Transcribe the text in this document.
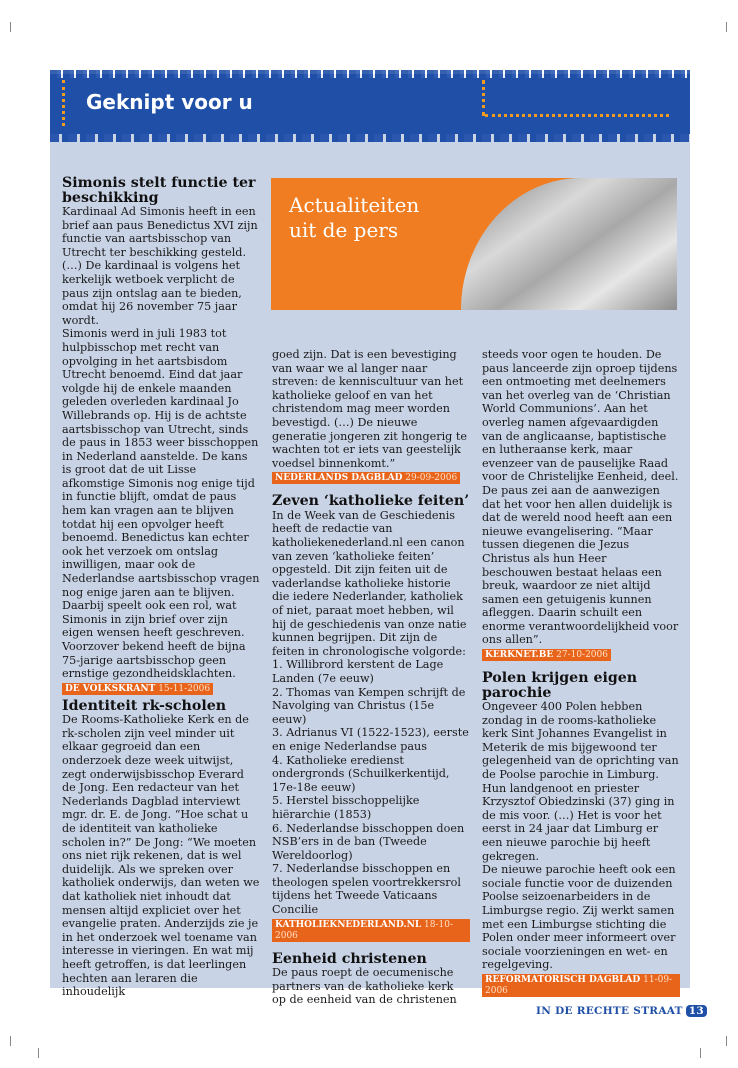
Geknipt voor u
Actualiteiten
uit de pers
Simonis stelt functie ter beschikking

Kardinaal Ad Simonis heeft in een brief aan paus Benedictus XVI zijn functie van aartsbisschop van Utrecht ter beschikking gesteld. (…) De kardinaal is volgens het kerkelijk wetboek verplicht de paus zijn ontslag aan te bieden, omdat hij 26 november 75 jaar wordt.

Simonis werd in juli 1983 tot hulpbisschop met recht van opvolging in het aartsbisdom Utrecht benoemd. Eind dat jaar volgde hij de enkele maanden geleden overleden kardinaal Jo Willebrands op. Hij is de achtste aartsbisschop van Utrecht, sinds de paus in 1853 weer bisschoppen in Nederland aanstelde. De kans is groot dat de uit Lisse afkomstige Simonis nog enige tijd in functie blijft, omdat de paus hem kan vragen aan te blijven totdat hij een opvolger heeft benoemd. Benedictus kan echter ook het verzoek om ontslag inwilligen, maar ook de Nederlandse aartsbisschop vragen nog enige jaren aan te blijven. Daarbij speelt ook een rol, wat Simonis in zijn brief over zijn eigen wensen heeft geschreven. Voorzover bekend heeft de bijna 75-jarige aartsbisschop geen ernstige gezondheidsklachten.

DE VOLKSKRANT 15-11-2006
Identiteit rk-scholen

De Rooms-Katholieke Kerk en de rk-scholen zijn veel minder uit elkaar gegroeid dan een onderzoek deze week uitwijst, zegt onderwijsbisschop Everard de Jong. Een redacteur van het Nederlands Dagblad interviewt mgr. dr. E. de Jong. “Hoe schat u de identiteit van katholieke scholen in?” De Jong: “We moeten ons niet rijk rekenen, dat is wel duidelijk. Als we spreken over katholiek onderwijs, dan weten we dat katholiek niet inhoudt dat mensen altijd expliciet over het evangelie praten. Anderzijds zie je in het onderzoek wel toename van interesse in vieringen. En wat mij heeft getroffen, is dat leerlingen hechten aan leraren die inhoudelijk

goed zijn. Dat is een bevestiging van waar we al langer naar streven: de kenniscultuur van het katholieke geloof en van het christendom mag meer worden bevestigd. (…) De nieuwe generatie jongeren zit hongerig te wachten tot er iets van geestelijk voedsel binnenkomt.”

NEDERLANDS DAGBLAD 29-09-2006
Zeven ‘katholieke feiten’

In de Week van de Geschiedenis heeft de redactie van katholiekenederland.nl een canon van zeven ‘katholieke feiten’ opgesteld. Dit zijn feiten uit de vaderlandse katholieke historie die iedere Nederlander, katholiek of niet, paraat moet hebben, wil hij de geschiedenis van onze natie kunnen begrijpen. Dit zijn de feiten in chronologische volgorde:

1. Willibrord kerstent de Lage Landen (7e eeuw)

2. Thomas van Kempen schrijft de Navolging van Christus (15e eeuw)

3. Adrianus VI (1522-1523), eerste en enige Nederlandse paus

4. Katholieke eredienst ondergronds (Schuilkerkentijd, 17e-18e eeuw)

5. Herstel bisschoppelijke hiërarchie (1853)

6. Nederlandse bisschoppen doen NSB’ers in de ban (Tweede Wereldoorlog)

7. Nederlandse bisschoppen en theologen spelen voortrekkersrol tijdens het Tweede Vaticaans Concilie

KATHOLIEKNEDERLAND.NL 18-10-2006
Eenheid christenen

De paus roept de oecumenische partners van de katholieke kerk op de eenheid van de christenen

steeds voor ogen te houden. De paus lanceerde zijn oproep tijdens een ontmoeting met deelnemers van het overleg van de ‘Christian World Communions’. Aan het overleg namen afgevaardigden van de anglicaanse, baptistische en lutheraanse kerk, maar evenzeer van de pauselijke Raad voor de Christelijke Eenheid, deel.

De paus zei aan de aanwezigen dat het voor hen allen duidelijk is dat de wereld nood heeft aan een nieuwe evangelisering. “Maar tussen diegenen die Jezus Christus als hun Heer beschouwen bestaat helaas een breuk, waardoor ze niet altijd samen een getuigenis kunnen afleggen. Daarin schuilt een enorme verantwoordelijkheid voor ons allen”.

KERKNET.BE 27-10-2006
Polen krijgen eigen parochie

Ongeveer 400 Polen hebben zondag in de rooms-katholieke kerk Sint Johannes Evangelist in Meterik de mis bijgewoond ter gelegenheid van de oprichting van de Poolse parochie in Limburg. Hun landgenoot en priester Krzysztof Obiedzinski (37) ging in de mis voor. (…) Het is voor het eerst in 24 jaar dat Limburg er een nieuwe parochie bij heeft gekregen.

De nieuwe parochie heeft ook een sociale functie voor de duizenden Poolse seizoenarbeiders in de Limburgse regio. Zij werkt samen met een Limburgse stichting die Polen onder meer informeert over sociale voorzieningen en wet- en regelgeving.

REFORMATORISCH DAGBLAD 11-09-2006
IN DE RECHTE STRAAT 13
